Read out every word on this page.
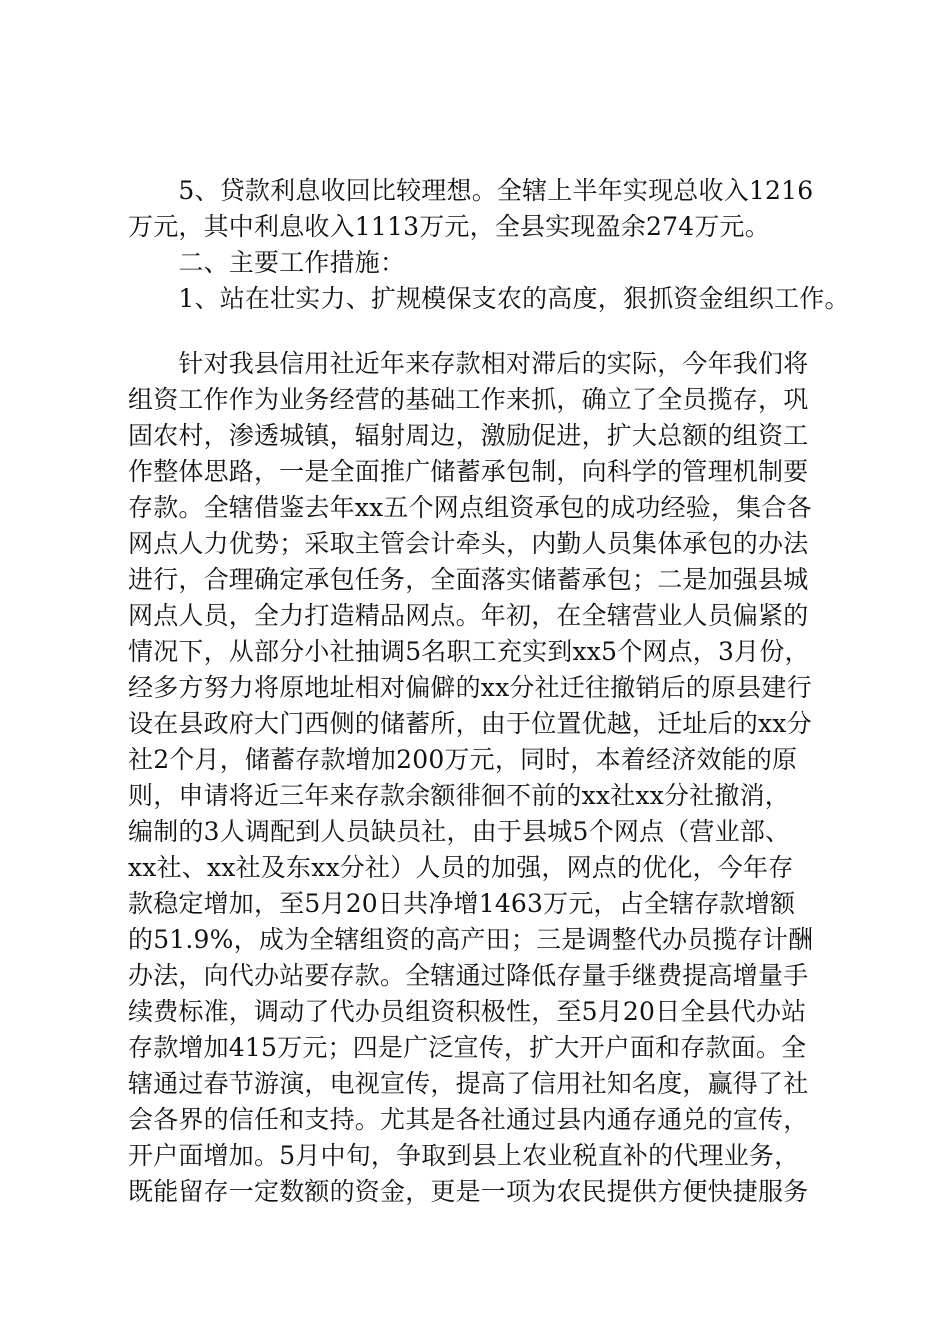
　　5、贷款利息收回比较理想。全辖上半年实现总收入1216
万元，其中利息收入1113万元，全县实现盈余274万元。
　　二、主要工作措施：
　　1、站在壮实力、扩规模保支农的高度，狠抓资金组织工作。
　　针对我县信用社近年来存款相对滞后的实际，今年我们将
组资工作作为业务经营的基础工作来抓，确立了全员揽存，巩
固农村，渗透城镇，辐射周边，激励促进，扩大总额的组资工
作整体思路，一是全面推广储蓄承包制，向科学的管理机制要
存款。全辖借鉴去年xx五个网点组资承包的成功经验，集合各
网点人力优势；采取主管会计牵头，内勤人员集体承包的办法
进行，合理确定承包任务，全面落实储蓄承包；二是加强县城
网点人员，全力打造精品网点。年初，在全辖营业人员偏紧的
情况下，从部分小社抽调5名职工充实到xx5个网点，3月份，
经多方努力将原地址相对偏僻的xx分社迁往撤销后的原县建行
设在县政府大门西侧的储蓄所，由于位置优越，迁址后的xx分
社2个月，储蓄存款增加200万元，同时，本着经济效能的原
则，申请将近三年来存款余额徘徊不前的xx社xx分社撤消，
编制的3人调配到人员缺员社，由于县城5个网点（营业部、
xx社、xx社及东xx分社）人员的加强，网点的优化，今年存
款稳定增加，至5月20日共净增1463万元，占全辖存款增额
的51.9%，成为全辖组资的高产田；三是调整代办员揽存计酬
办法，向代办站要存款。全辖通过降低存量手继费提高增量手
续费标准，调动了代办员组资积极性，至5月20日全县代办站
存款增加415万元；四是广泛宣传，扩大开户面和存款面。全
辖通过春节游演，电视宣传，提高了信用社知名度，赢得了社
会各界的信任和支持。尤其是各社通过县内通存通兑的宣传，
开户面增加。5月中旬，争取到县上农业税直补的代理业务，
既能留存一定数额的资金，更是一项为农民提供方便快捷服务
